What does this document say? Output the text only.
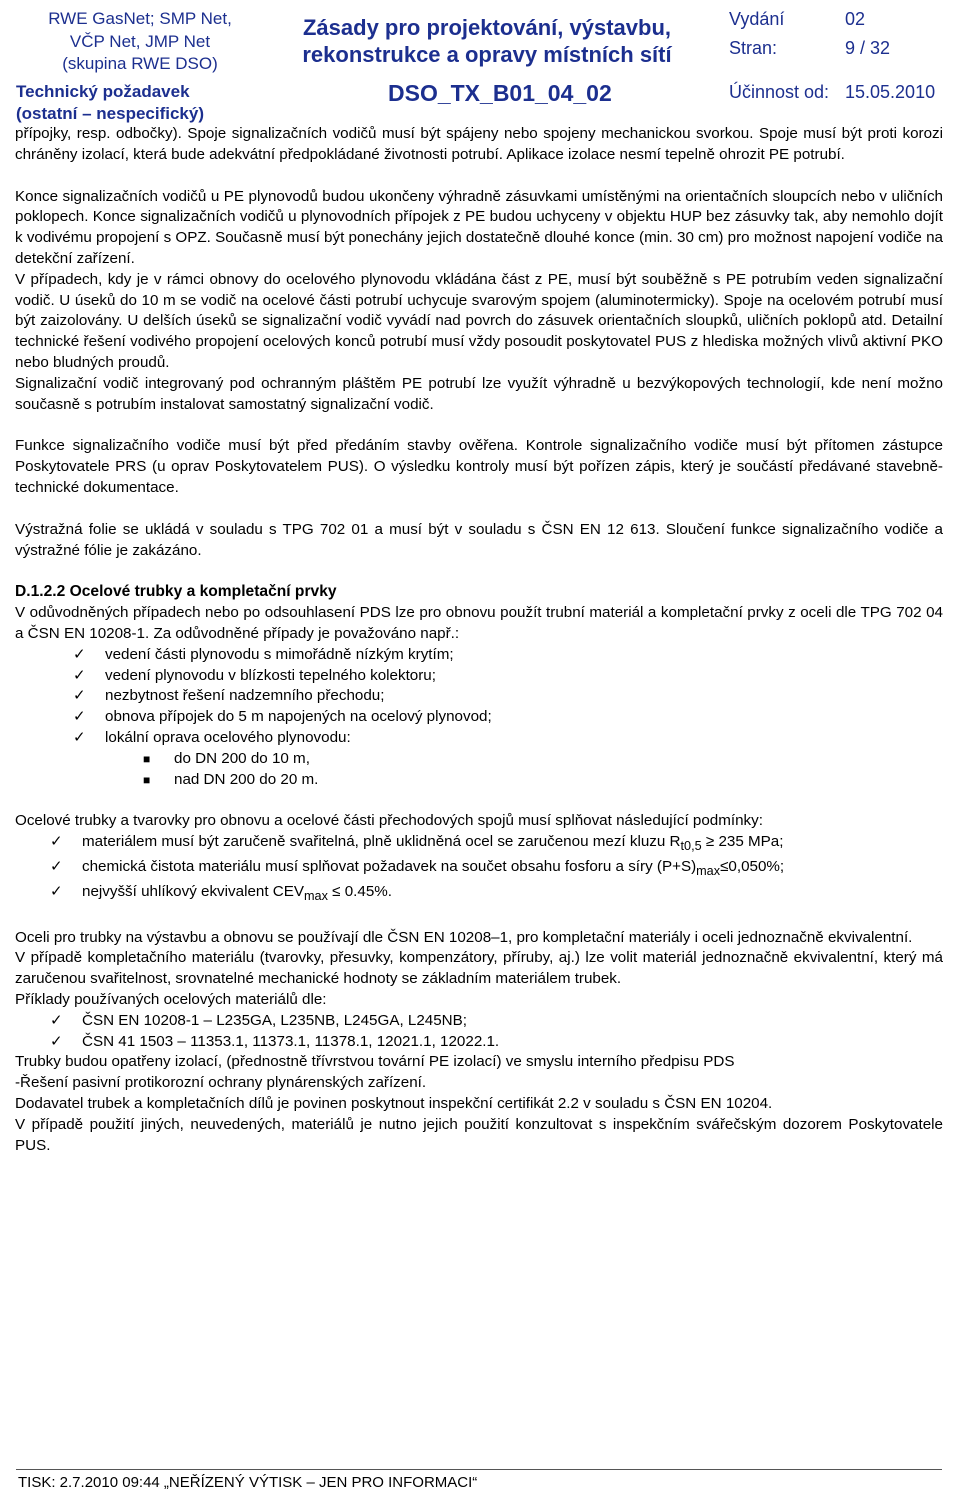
RWE GasNet; SMP Net,
VČP Net, JMP Net
(skupina RWE DSO)
Zásady pro projektování, výstavbu,
rekonstrukce a opravy místních sítí
Vydání	02
Stran:	9 / 32
Technický požadavek
(ostatní – nespecifický)
DSO_TX_B01_04_02	Účinnost od: 15.05.2010

přípojky, resp. odbočky). Spoje signalizačních vodičů musí být spájeny nebo spojeny mechanickou svorkou. Spoje musí být proti korozi chráněny izolací, která bude adekvátní předpokládané životnosti potrubí. Aplikace izolace nesmí tepelně ohrozit PE potrubí.

Konce signalizačních vodičů u PE plynovodů budou ukončeny výhradně zásuvkami umístěnými na orientačních sloupcích nebo v uličních poklopech. Konce signalizačních vodičů u plynovodních přípojek z PE budou uchyceny v objektu HUP bez zásuvky tak, aby nemohlo dojít k vodivému propojení s OPZ. Současně musí být ponechány jejich dostatečně dlouhé konce (min. 30 cm) pro možnost napojení vodiče na detekční zařízení.

V případech, kdy je v rámci obnovy do ocelového plynovodu vkládána část z PE, musí být souběžně s PE potrubím veden signalizační vodič. U úseků do 10 m se vodič na ocelové části potrubí uchycuje svarovým spojem (aluminotermicky). Spoje na ocelovém potrubí musí být zaizolovány. U delších úseků se signalizační vodič vyvádí nad povrch do zásuvek orientačních sloupků, uličních poklopů atd. Detailní technické řešení vodivého propojení ocelových konců potrubí musí vždy posoudit poskytovatel PUS z hlediska možných vlivů aktivní PKO nebo bludných proudů.

Signalizační vodič integrovaný pod ochranným pláštěm PE potrubí lze využít výhradně u bezvýkopových technologií, kde není možno současně s potrubím instalovat samostatný signalizační vodič.

Funkce signalizačního vodiče musí být před předáním stavby ověřena. Kontrole signalizačního vodiče musí být přítomen zástupce Poskytovatele PRS (u oprav Poskytovatelem PUS). O výsledku kontroly musí být pořízen zápis, který je součástí předávané stavebně-technické dokumentace.

Výstražná folie se ukládá v souladu s TPG 702 01 a musí být v souladu s ČSN EN 12 613. Sloučení funkce signalizačního vodiče a výstražné fólie je zakázáno.

D.1.2.2 Ocelové trubky a kompletační prvky

V odůvodněných případech nebo po odsouhlasení PDS lze pro obnovu použít trubní materiál a kompletační prvky z oceli dle TPG 702 04 a ČSN EN 10208-1. Za odůvodněné případy je považováno např.:

✓ vedení části plynovodu s mimořádně nízkým krytím;
✓ vedení plynovodu v blízkosti tepelného kolektoru;
✓ nezbytnost řešení nadzemního přechodu;
✓ obnova přípojek do 5 m napojených na ocelový plynovod;
✓ lokální oprava ocelového plynovodu:
■ do DN 200 do 10 m,
■ nad DN 200 do 20 m.

Ocelové trubky a tvarovky pro obnovu a ocelové části přechodových spojů musí splňovat následující podmínky:

✓ materiálem musí být zaručeně svařitelná, plně uklidněná ocel se zaručenou mezí kluzu $R_{t0,5} \ge 235$ MPa;
✓ chemická čistota materiálu musí splňovat požadavek na součet obsahu fosforu a síry $(P+S)_{max}\le 0,050\%$;
✓ nejvyšší uhlíkový ekvivalent $CEV_{max} \le 0.45\%$.

Oceli pro trubky na výstavbu a obnovu se používají dle ČSN EN 10208–1, pro kompletační materiály i oceli jednoznačně ekvivalentní.

V případě kompletačního materiálu (tvarovky, přesuvky, kompenzátory, příruby, aj.) lze volit materiál jednoznačně ekvivalentní, který má zaručenou svařitelnost, srovnatelné mechanické hodnoty se základním materiálem trubek.

Příklady používaných ocelových materiálů dle:

✓ ČSN EN 10208-1 – L235GA, L235NB, L245GA, L245NB;
✓ ČSN 41 1503 – 11353.1, 11373.1, 11378.1, 12021.1, 12022.1.

Trubky budou opatřeny izolací, (přednostně třívrstvou tovární PE izolací) ve smyslu interního předpisu PDS

-Řešení pasivní protikorozní ochrany plynárenských zařízení.

Dodavatel trubek a kompletačních dílů je povinen poskytnout inspekční certifikát 2.2 v souladu s ČSN EN 10204.

V případě použití jiných, neuvedených, materiálů je nutno jejich použití konzultovat s inspekčním svářečským dozorem Poskytovatele PUS.

TISK: 2.7.2010 09:44 „NEŘÍZENÝ VÝTISK – JEN PRO INFORMACI“
